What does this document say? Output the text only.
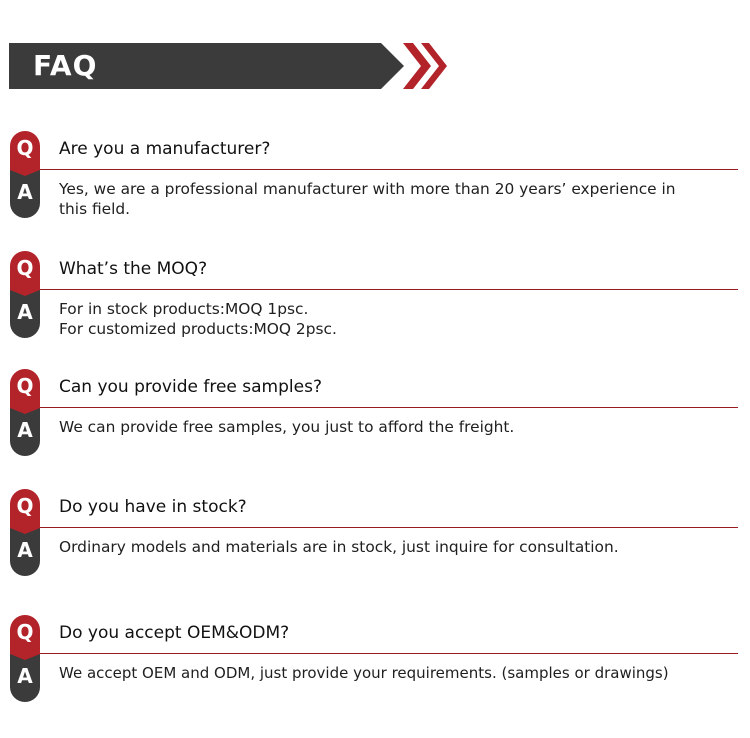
FAQ
Q
A
Are you a manufacturer?
Yes, we are a professional manufacturer with more than 20 years’ experience in
this field.
Q
A
What’s the MOQ?
For in stock products:MOQ 1psc.
For customized products:MOQ 2psc.
Q
A
Can you provide free samples?
We can provide free samples, you just to afford the freight.
Q
A
Do you have in stock?
Ordinary models and materials are in stock, just inquire for consultation.
Q
A
Do you accept OEM&ODM?
We accept OEM and ODM, just provide your requirements. (samples or drawings)
